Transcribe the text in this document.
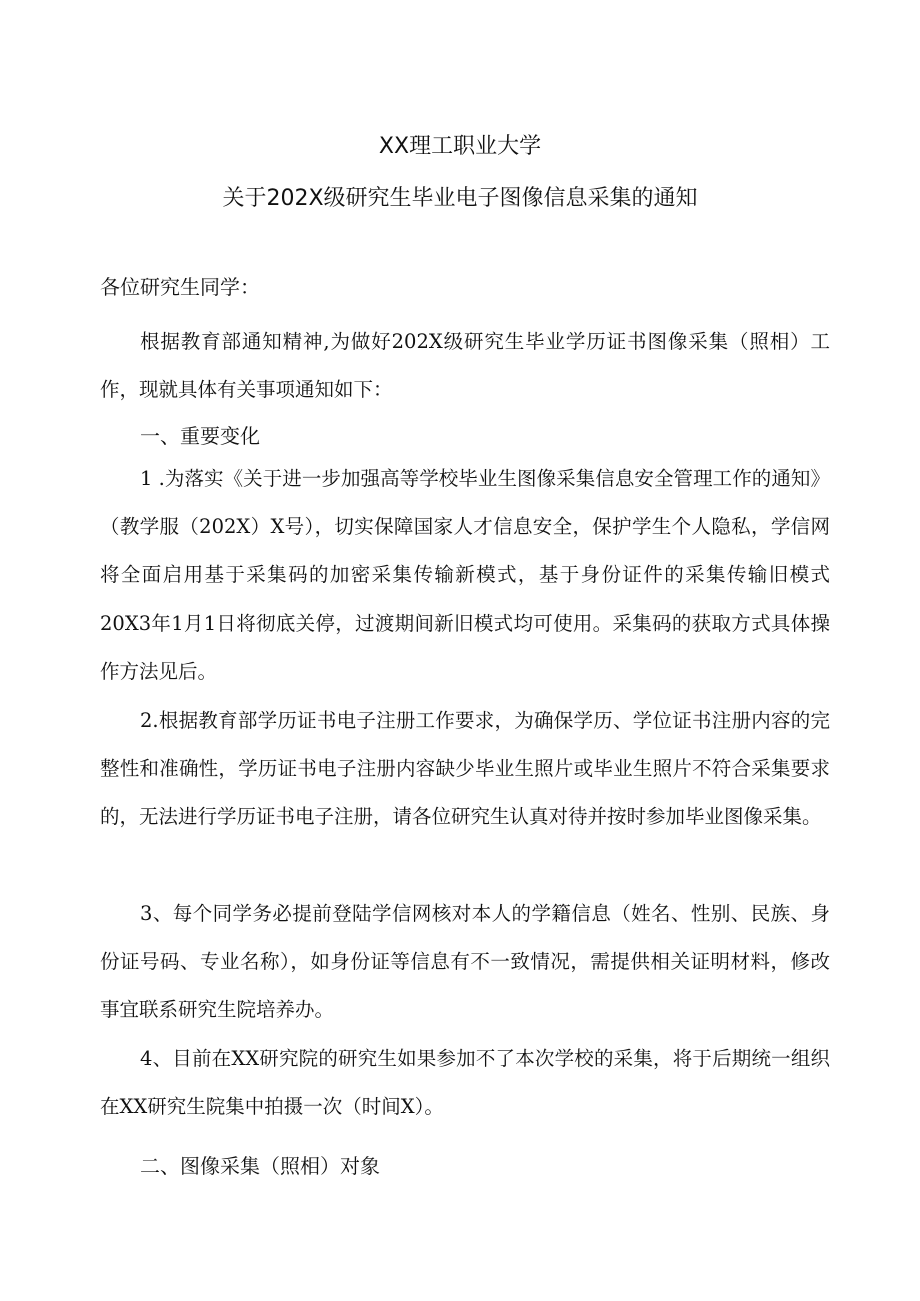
XX理工职业大学
关于202X级研究生毕业电子图像信息采集的通知
各位研究生同学：

根据教育部通知精神,为做好202X级研究生毕业学历证书图像采集（照相）工作，现就具体有关事项通知如下：

一、重要变化

1 .为落实《关于进一步加强高等学校毕业生图像采集信息安全管理工作的通知》（教学服（202X）X号），切实保障国家人才信息安全，保护学生个人隐私，学信网将全面启用基于采集码的加密采集传输新模式，基于身份证件的采集传输旧模式20X3年1月1日将彻底关停，过渡期间新旧模式均可使用。采集码的获取方式具体操作方法见后。

2.根据教育部学历证书电子注册工作要求，为确保学历、学位证书注册内容的完整性和准确性，学历证书电子注册内容缺少毕业生照片或毕业生照片不符合采集要求的，无法进行学历证书电子注册，请各位研究生认真对待并按时参加毕业图像采集。

3、每个同学务必提前登陆学信网核对本人的学籍信息（姓名、性别、民族、身份证号码、专业名称），如身份证等信息有不一致情况，需提供相关证明材料，修改事宜联系研究生院培养办。

4、目前在XX研究院的研究生如果参加不了本次学校的采集，将于后期统一组织在XX研究生院集中拍摄一次（时间X）。

二、图像采集（照相）对象
